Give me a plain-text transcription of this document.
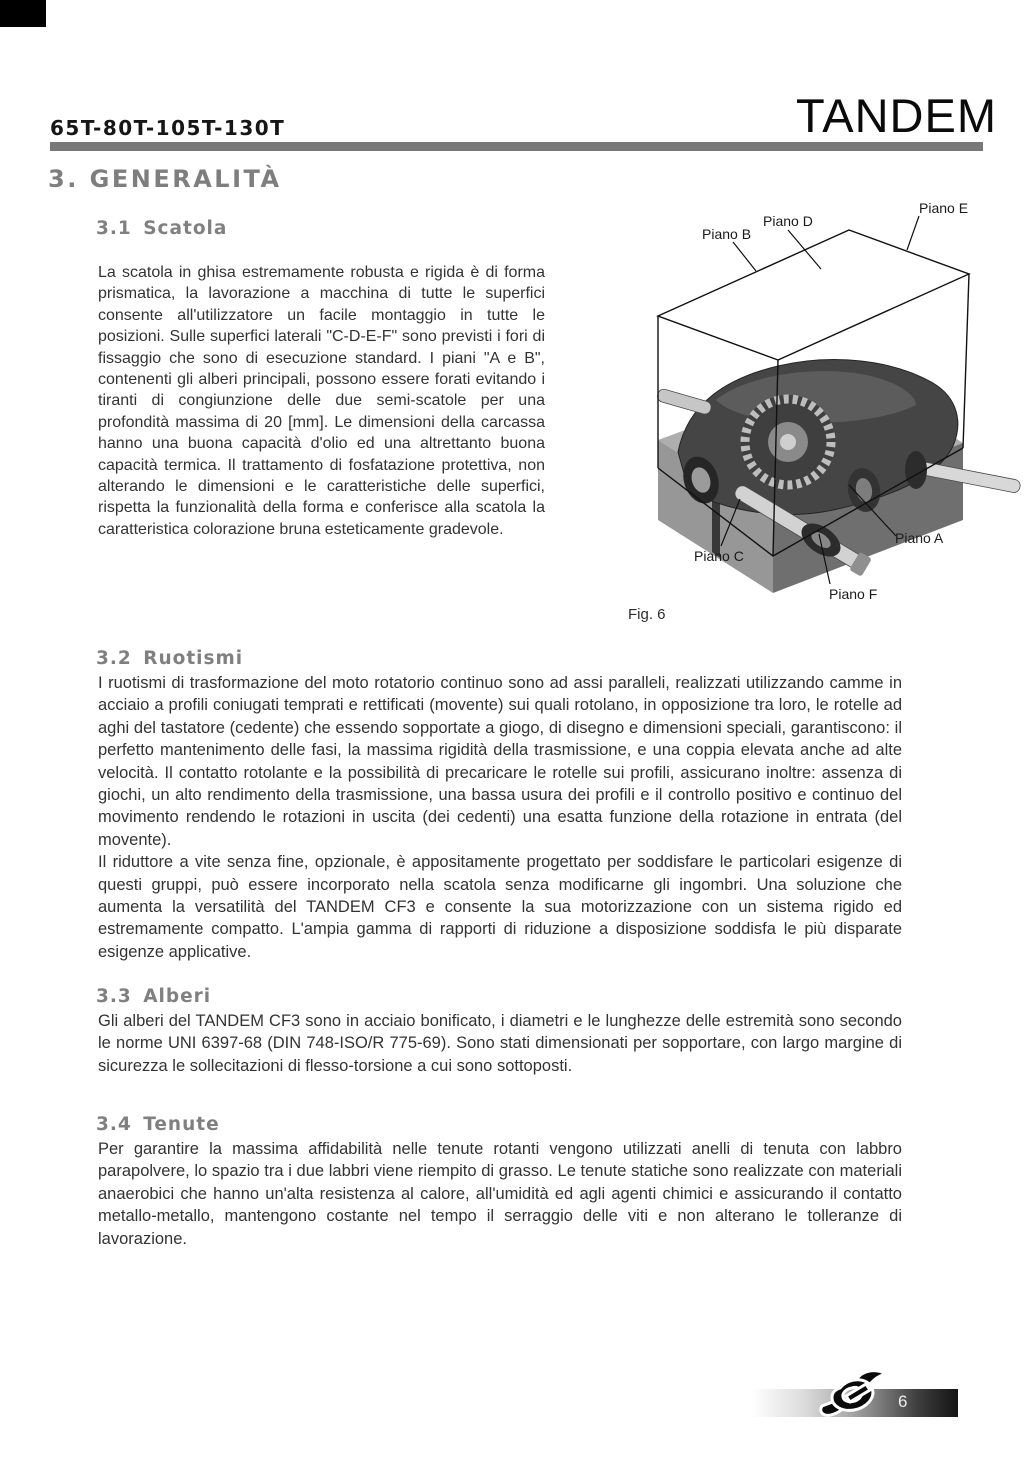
65T-80T-105T-130T	TANDEM
3. GENERALITÀ
3.1 Scatola
La scatola in ghisa estremamente robusta e rigida è di forma prismatica, la lavorazione a macchina di tutte le superfici consente all'utilizzatore un facile montaggio in tutte le posizioni. Sulle superfici laterali "C-D-E-F" sono previsti i fori di fissaggio che sono di esecuzione standard. I piani "A e B", contenenti gli alberi principali, possono essere forati evitando i tiranti di congiunzione delle due semi-scatole per una profondità massima di 20 [mm]. Le dimensioni della carcassa hanno una buona capacità d'olio ed una altrettanto buona capacità termica. Il trattamento di fosfatazione protettiva, non alterando le dimensioni e le caratteristiche delle superfici, rispetta la funzionalità della forma e conferisce alla scatola la caratteristica colorazione bruna esteticamente gradevole.
Piano B
Piano D
Piano E
Piano A
Piano C
Piano F
Fig. 6
3.2 Ruotismi

I ruotismi di trasformazione del moto rotatorio continuo sono ad assi paralleli, realizzati utilizzando camme in acciaio a profili coniugati temprati e rettificati (movente) sui quali rotolano, in opposizione tra loro, le rotelle ad aghi del tastatore (cedente) che essendo sopportate a giogo, di disegno e dimensioni speciali, garantiscono: il perfetto mantenimento delle fasi, la massima rigidità della trasmissione, e una coppia elevata anche ad alte velocità. Il contatto rotolante e la possibilità di precaricare le rotelle sui profili, assicurano inoltre: assenza di giochi, un alto rendimento della trasmissione, una bassa usura dei profili e il controllo positivo e continuo del movimento rendendo le rotazioni in uscita (dei cedenti) una esatta funzione della rotazione in entrata (del movente).

Il riduttore a vite senza fine, opzionale, è appositamente progettato per soddisfare le particolari esigenze di questi gruppi, può essere incorporato nella scatola senza modificarne gli ingombri. Una soluzione che aumenta la versatilità del TANDEM CF3 e consente la sua motorizzazione con un sistema rigido ed estremamente compatto. L'ampia gamma di rapporti di riduzione a disposizione soddisfa le più disparate esigenze applicative.

3.3 Alberi
Gli alberi del TANDEM CF3 sono in acciaio bonificato, i diametri e le lunghezze delle estremità sono secondo le norme UNI 6397-68 (DIN 748-ISO/R 775-69). Sono stati dimensionati per sopportare, con largo margine di sicurezza le sollecitazioni di flesso-torsione a cui sono sottoposti.
3.4 Tenute
Per garantire la massima affidabilità nelle tenute rotanti vengono utilizzati anelli di tenuta con labbro parapolvere, lo spazio tra i due labbri viene riempito di grasso. Le tenute statiche sono realizzate con materiali anaerobici che hanno un'alta resistenza al calore, all'umidità ed agli agenti chimici e assicurando il contatto metallo-metallo, mantengono costante nel tempo il serraggio delle viti e non alterano le tolleranze di lavorazione.
6
